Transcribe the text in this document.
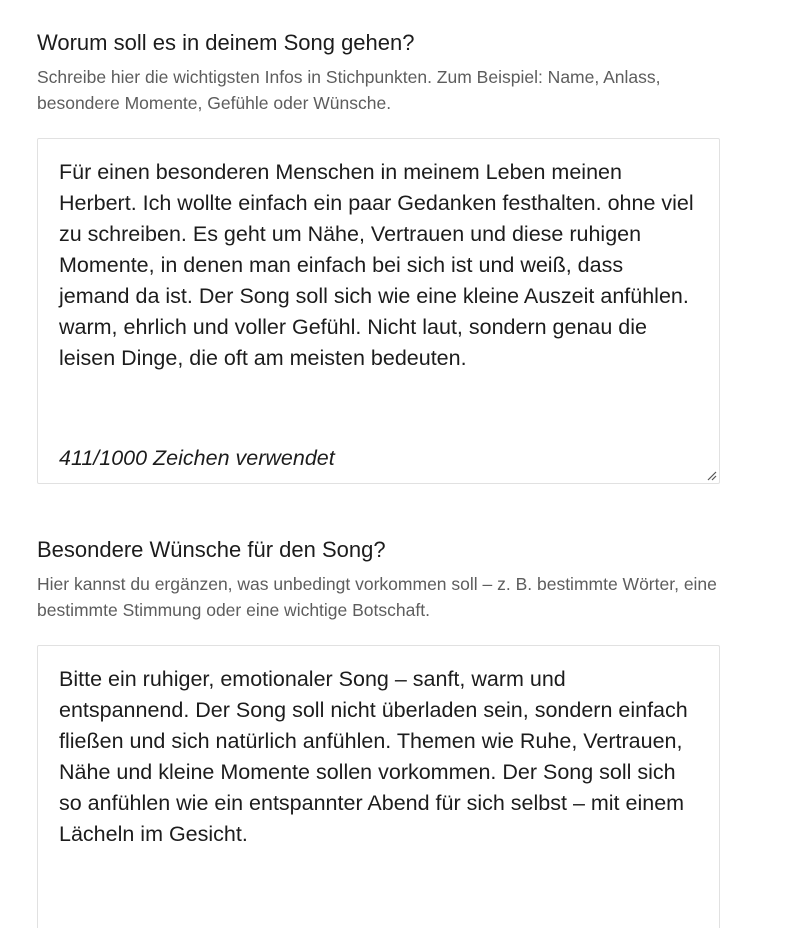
Worum soll es in deinem Song gehen?

Schreibe hier die wichtigsten Infos in Stichpunkten. Zum Beispiel: Name, Anlass, besondere Momente, Gefühle oder Wünsche.

Für einen besonderen Menschen in meinem Leben meinen Herbert. Ich wollte einfach ein paar Gedanken festhalten. ohne viel zu schreiben. Es geht um Nähe, Vertrauen und diese ruhigen Momente, in denen man einfach bei sich ist und weiß, dass jemand da ist. Der Song soll sich wie eine kleine Auszeit anfühlen. warm, ehrlich und voller Gefühl. Nicht laut, sondern genau die leisen Dinge, die oft am meisten bedeuten.

411/1000 Zeichen verwendet
Besondere Wünsche für den Song?

Hier kannst du ergänzen, was unbedingt vorkommen soll – z. B. bestimmte Wörter, eine bestimmte Stimmung oder eine wichtige Botschaft.

Bitte ein ruhiger, emotionaler Song – sanft, warm und entspannend. Der Song soll nicht überladen sein, sondern einfach fließen und sich natürlich anfühlen. Themen wie Ruhe, Vertrauen, Nähe und kleine Momente sollen vorkommen. Der Song soll sich so anfühlen wie ein entspannter Abend für sich selbst – mit einem Lächeln im Gesicht.
